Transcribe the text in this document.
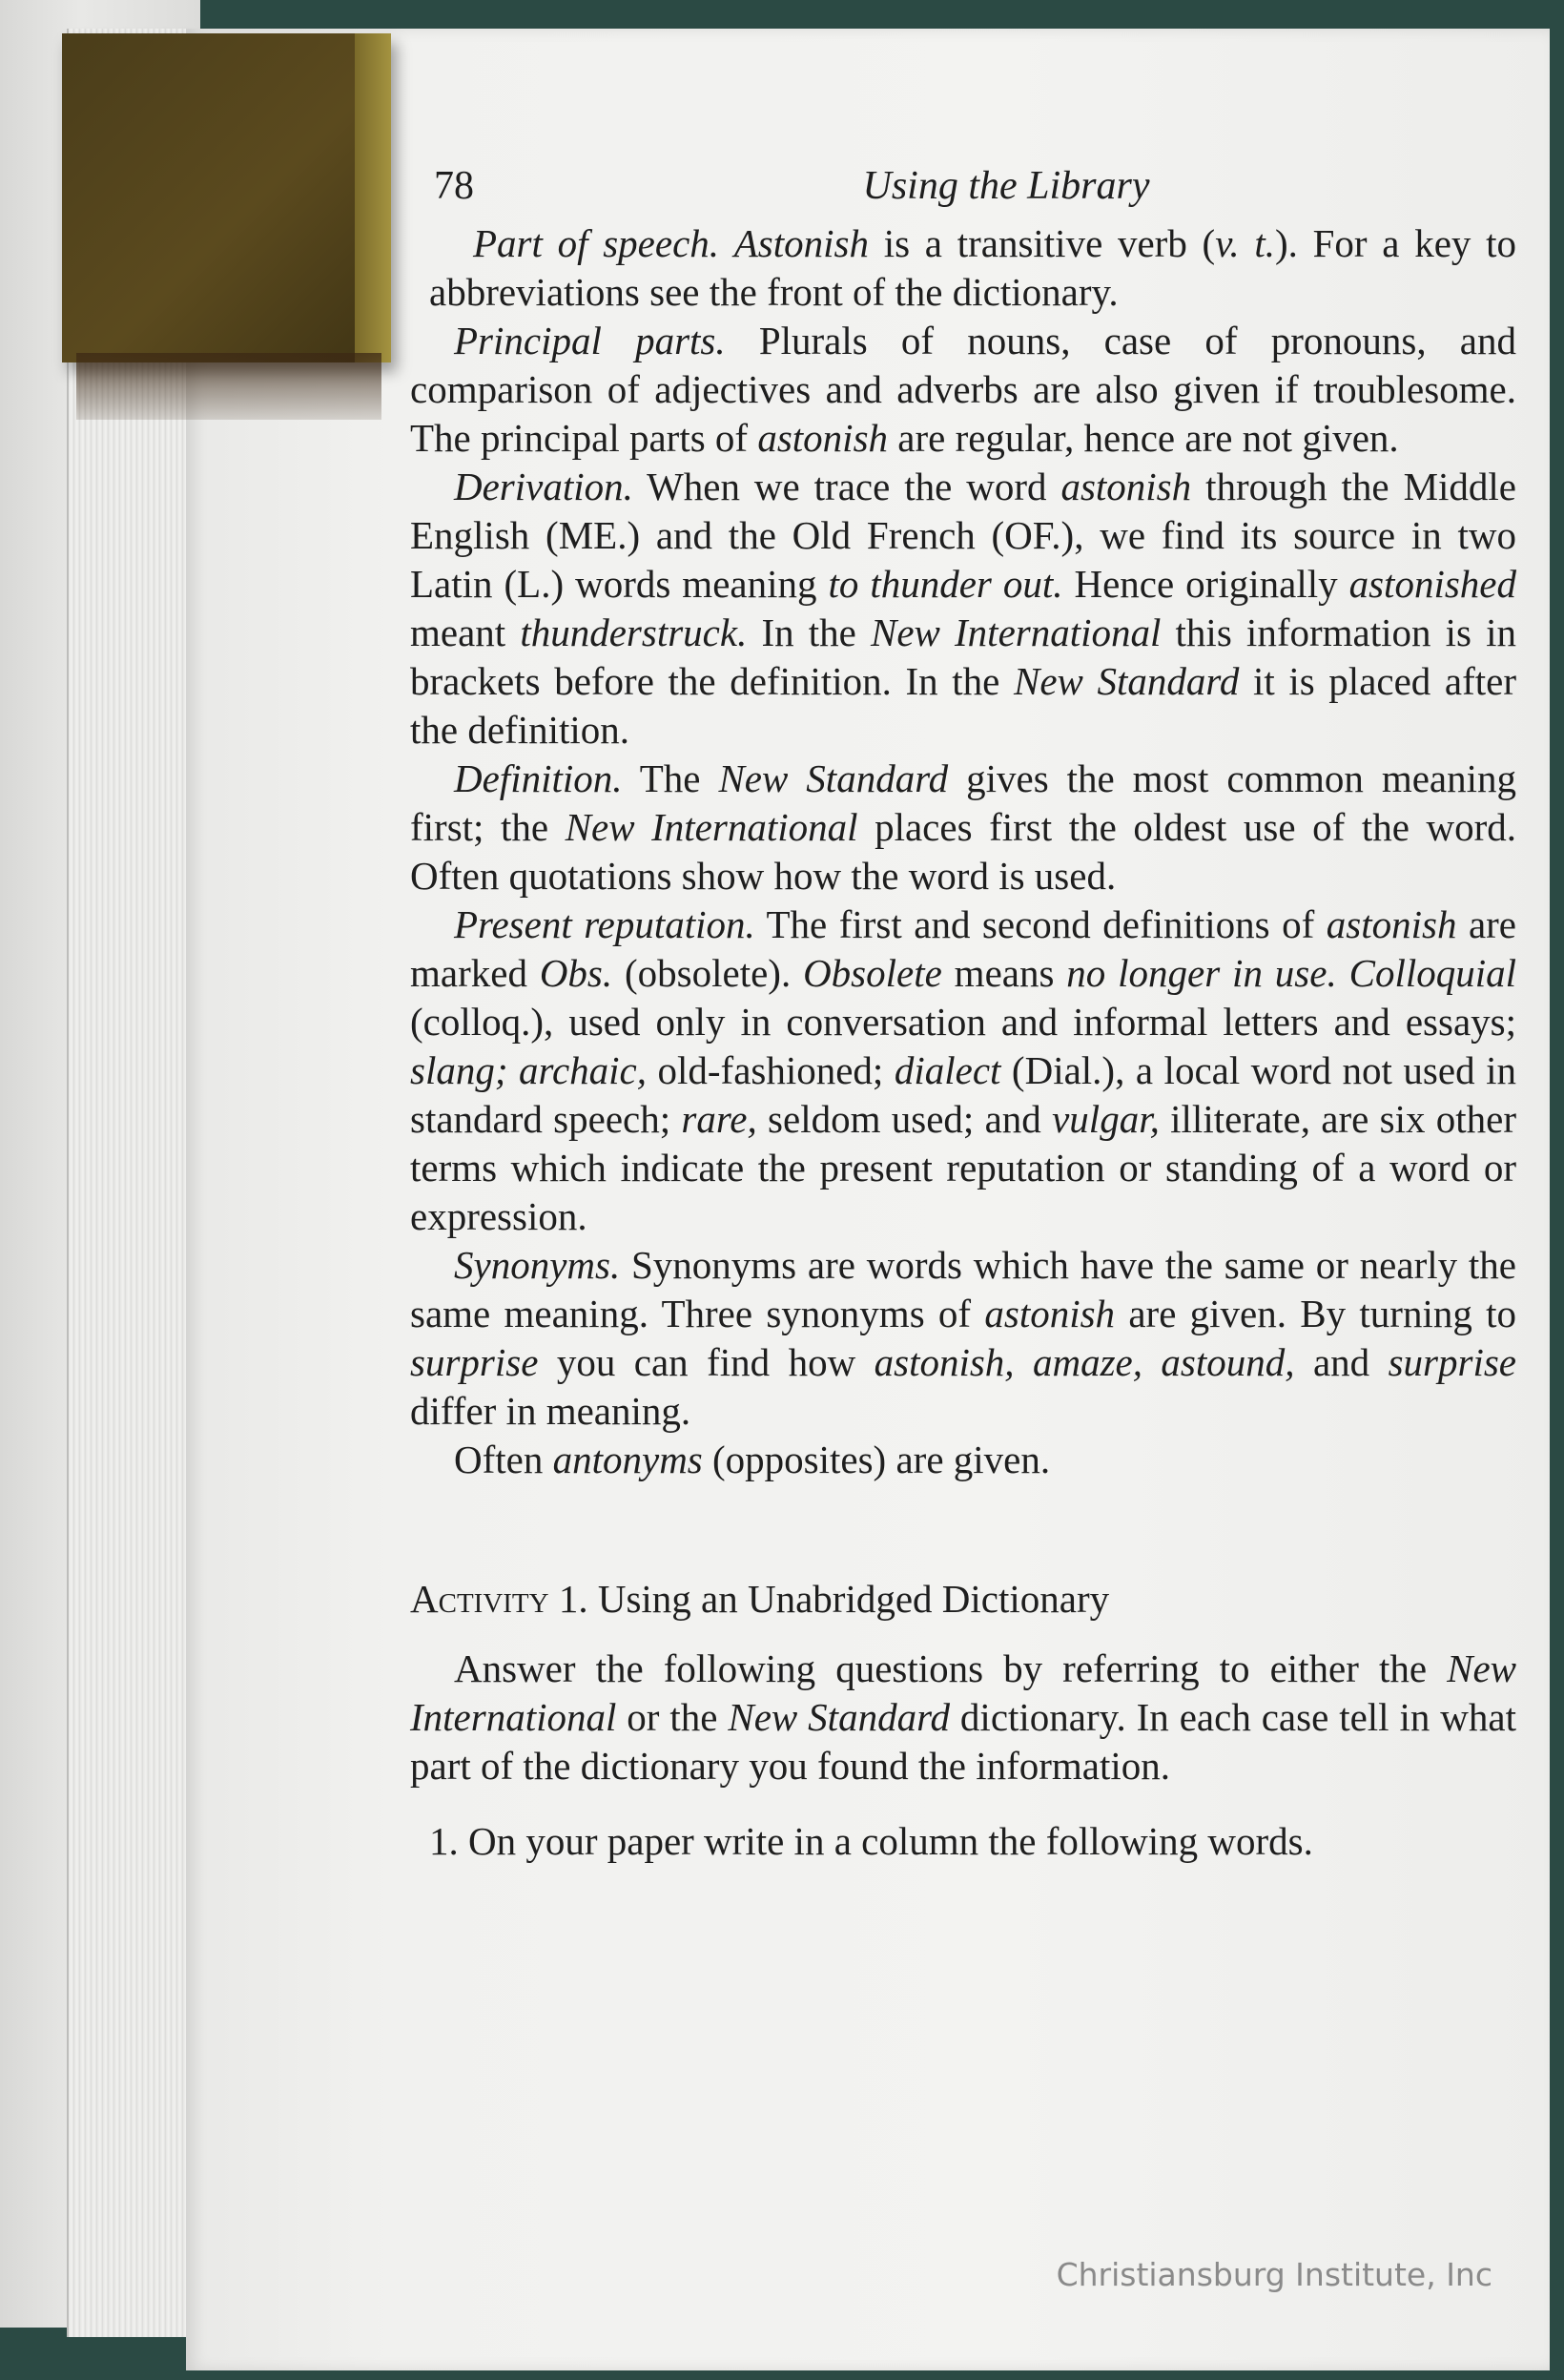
78	Using the Library

Part of speech. Astonish is a transitive verb (v. t.). For a key to abbreviations see the front of the dictionary.

Principal parts. Plurals of nouns, case of pronouns, and comparison of adjectives and adverbs are also given if troublesome. The principal parts of astonish are regular, hence are not given.

Derivation. When we trace the word astonish through the Middle English (ME.) and the Old French (OF.), we find its source in two Latin (L.) words meaning to thunder out. Hence originally astonished meant thunderstruck. In the New International this information is in brackets before the definition. In the New Standard it is placed after the definition.

Definition. The New Standard gives the most common meaning first; the New International places first the oldest use of the word. Often quotations show how the word is used.

Present reputation. The first and second definitions of astonish are marked Obs. (obsolete). Obsolete means no longer in use. Colloquial (colloq.), used only in conversation and informal letters and essays; slang; archaic, old-fashioned; dialect (Dial.), a local word not used in standard speech; rare, seldom used; and vulgar, illiterate, are six other terms which indicate the present reputation or standing of a word or expression.

Synonyms. Synonyms are words which have the same or nearly the same meaning. Three synonyms of astonish are given. By turning to surprise you can find how astonish, amaze, astound, and surprise differ in meaning.

Often antonyms (opposites) are given.

Activity 1. Using an Unabridged Dictionary

Answer the following questions by referring to either the New International or the New Standard dictionary. In each case tell in what part of the dictionary you found the information.

1. On your paper write in a column the following words.

Christiansburg Institute, Inc
